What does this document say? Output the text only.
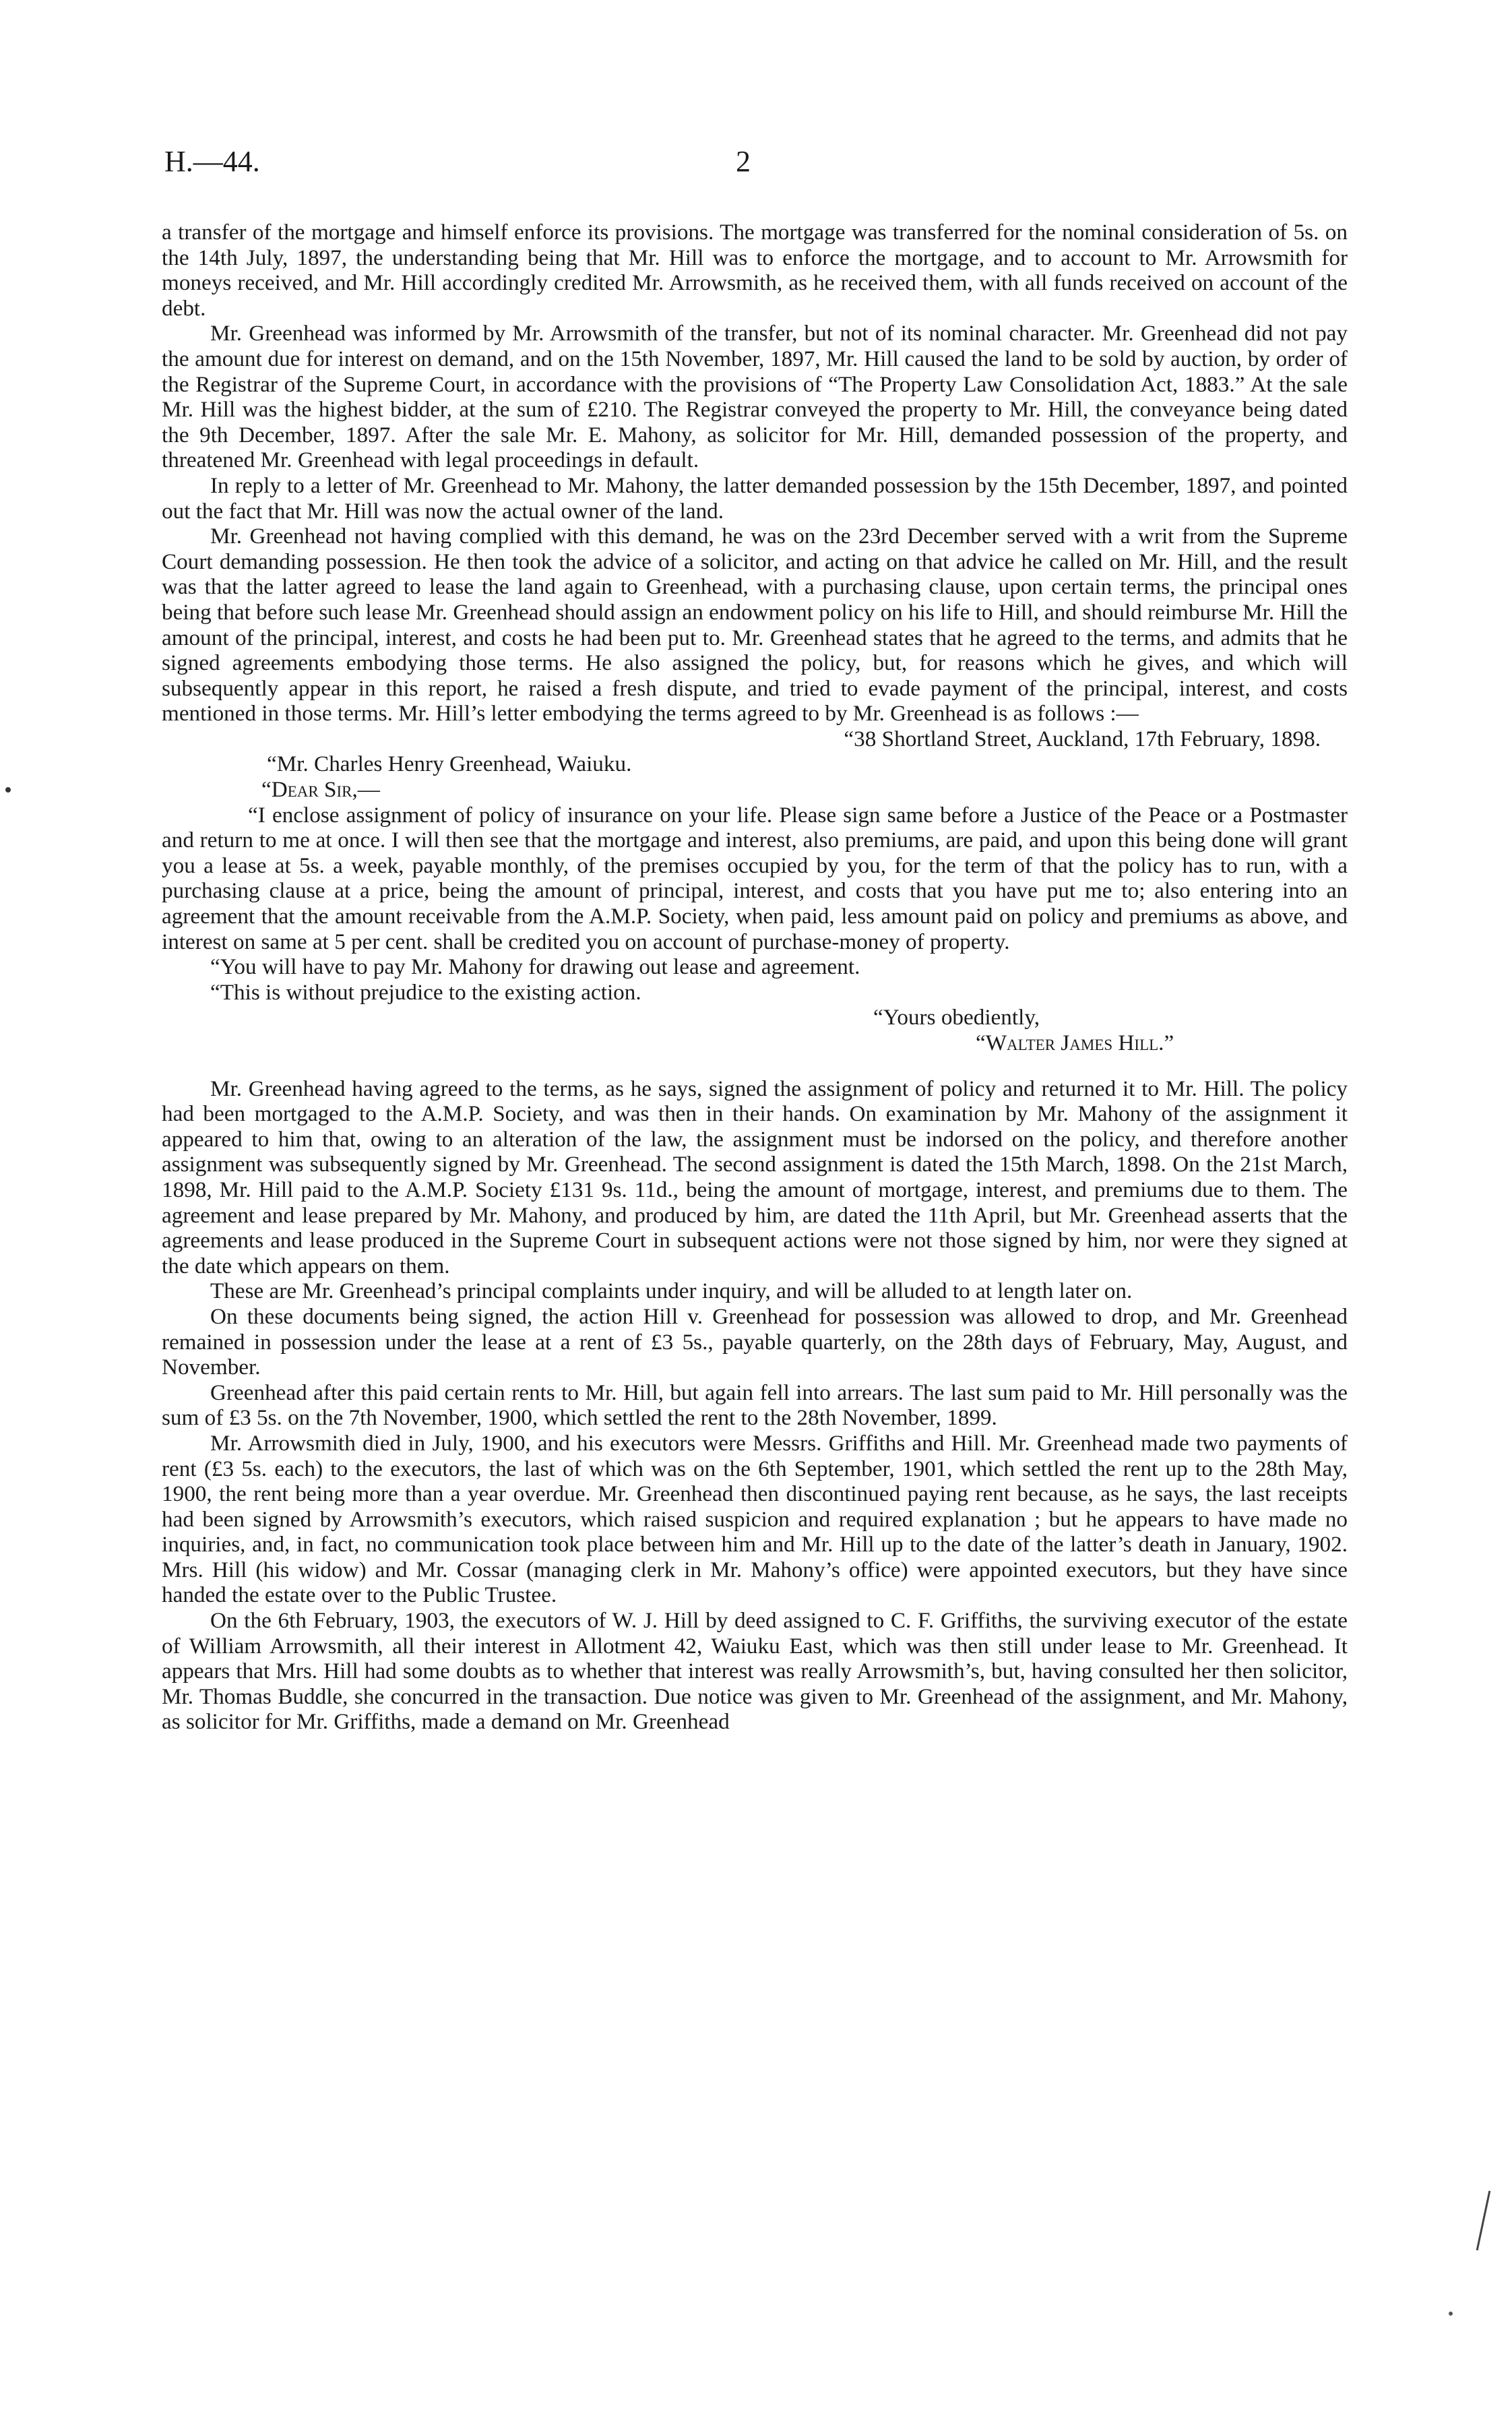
H.—44.	2

a transfer of the mortgage and himself enforce its provisions. The mortgage was transferred for the nominal consideration of 5s. on the 14th July, 1897, the understanding being that Mr. Hill was to enforce the mortgage, and to account to Mr. Arrowsmith for moneys received, and Mr. Hill accordingly credited Mr. Arrowsmith, as he received them, with all funds received on account of the debt.

Mr. Greenhead was informed by Mr. Arrowsmith of the transfer, but not of its nominal character. Mr. Greenhead did not pay the amount due for interest on demand, and on the 15th November, 1897, Mr. Hill caused the land to be sold by auction, by order of the Registrar of the Supreme Court, in accordance with the provisions of “The Property Law Consolidation Act, 1883.” At the sale Mr. Hill was the highest bidder, at the sum of £210. The Registrar conveyed the property to Mr. Hill, the conveyance being dated the 9th December, 1897. After the sale Mr. E. Mahony, as solicitor for Mr. Hill, demanded possession of the property, and threatened Mr. Greenhead with legal proceedings in default.

In reply to a letter of Mr. Greenhead to Mr. Mahony, the latter demanded possession by the 15th December, 1897, and pointed out the fact that Mr. Hill was now the actual owner of the land.

Mr. Greenhead not having complied with this demand, he was on the 23rd December served with a writ from the Supreme Court demanding possession. He then took the advice of a solicitor, and acting on that advice he called on Mr. Hill, and the result was that the latter agreed to lease the land again to Greenhead, with a purchasing clause, upon certain terms, the principal ones being that before such lease Mr. Greenhead should assign an endowment policy on his life to Hill, and should reimburse Mr. Hill the amount of the principal, interest, and costs he had been put to. Mr. Greenhead states that he agreed to the terms, and admits that he signed agreements embodying those terms. He also assigned the policy, but, for reasons which he gives, and which will subsequently appear in this report, he raised a fresh dispute, and tried to evade payment of the principal, interest, and costs mentioned in those terms. Mr. Hill’s letter embodying the terms agreed to by Mr. Greenhead is as follows :—

“38 Shortland Street, Auckland, 17th February, 1898.

“Mr. Charles Henry Greenhead, Waiuku.

“Dear Sir,—

“I enclose assignment of policy of insurance on your life. Please sign same before a Justice of the Peace or a Postmaster and return to me at once. I will then see that the mortgage and interest, also premiums, are paid, and upon this being done will grant you a lease at 5s. a week, payable monthly, of the premises occupied by you, for the term of that the policy has to run, with a purchasing clause at a price, being the amount of principal, interest, and costs that you have put me to; also entering into an agreement that the amount receivable from the A.M.P. Society, when paid, less amount paid on policy and premiums as above, and interest on same at 5 per cent. shall be credited you on account of purchase-money of property.

“You will have to pay Mr. Mahony for drawing out lease and agreement.

“This is without prejudice to the existing action.

“Yours obediently,

“Walter James Hill.”

Mr. Greenhead having agreed to the terms, as he says, signed the assignment of policy and returned it to Mr. Hill. The policy had been mortgaged to the A.M.P. Society, and was then in their hands. On examination by Mr. Mahony of the assignment it appeared to him that, owing to an alteration of the law, the assignment must be indorsed on the policy, and therefore another assignment was subsequently signed by Mr. Greenhead. The second assignment is dated the 15th March, 1898. On the 21st March, 1898, Mr. Hill paid to the A.M.P. Society £131 9s. 11d., being the amount of mortgage, interest, and premiums due to them. The agreement and lease prepared by Mr. Mahony, and produced by him, are dated the 11th April, but Mr. Greenhead asserts that the agreements and lease produced in the Supreme Court in subsequent actions were not those signed by him, nor were they signed at the date which appears on them.

These are Mr. Greenhead’s principal complaints under inquiry, and will be alluded to at length later on.

On these documents being signed, the action Hill v. Greenhead for possession was allowed to drop, and Mr. Greenhead remained in possession under the lease at a rent of £3 5s., payable quarterly, on the 28th days of February, May, August, and November.

Greenhead after this paid certain rents to Mr. Hill, but again fell into arrears. The last sum paid to Mr. Hill personally was the sum of £3 5s. on the 7th November, 1900, which settled the rent to the 28th November, 1899.

Mr. Arrowsmith died in July, 1900, and his executors were Messrs. Griffiths and Hill. Mr. Greenhead made two payments of rent (£3 5s. each) to the executors, the last of which was on the 6th September, 1901, which settled the rent up to the 28th May, 1900, the rent being more than a year overdue. Mr. Greenhead then discontinued paying rent because, as he says, the last receipts had been signed by Arrowsmith’s executors, which raised suspicion and required explanation ; but he appears to have made no inquiries, and, in fact, no communication took place between him and Mr. Hill up to the date of the latter’s death in January, 1902. Mrs. Hill (his widow) and Mr. Cossar (managing clerk in Mr. Mahony’s office) were appointed executors, but they have since handed the estate over to the Public Trustee.

On the 6th February, 1903, the executors of W. J. Hill by deed assigned to C. F. Griffiths, the surviving executor of the estate of William Arrowsmith, all their interest in Allotment 42, Waiuku East, which was then still under lease to Mr. Greenhead. It appears that Mrs. Hill had some doubts as to whether that interest was really Arrowsmith’s, but, having consulted her then solicitor, Mr. Thomas Buddle, she concurred in the transaction. Due notice was given to Mr. Greenhead of the assignment, and Mr. Mahony, as solicitor for Mr. Griffiths, made a demand on Mr. Greenhead
